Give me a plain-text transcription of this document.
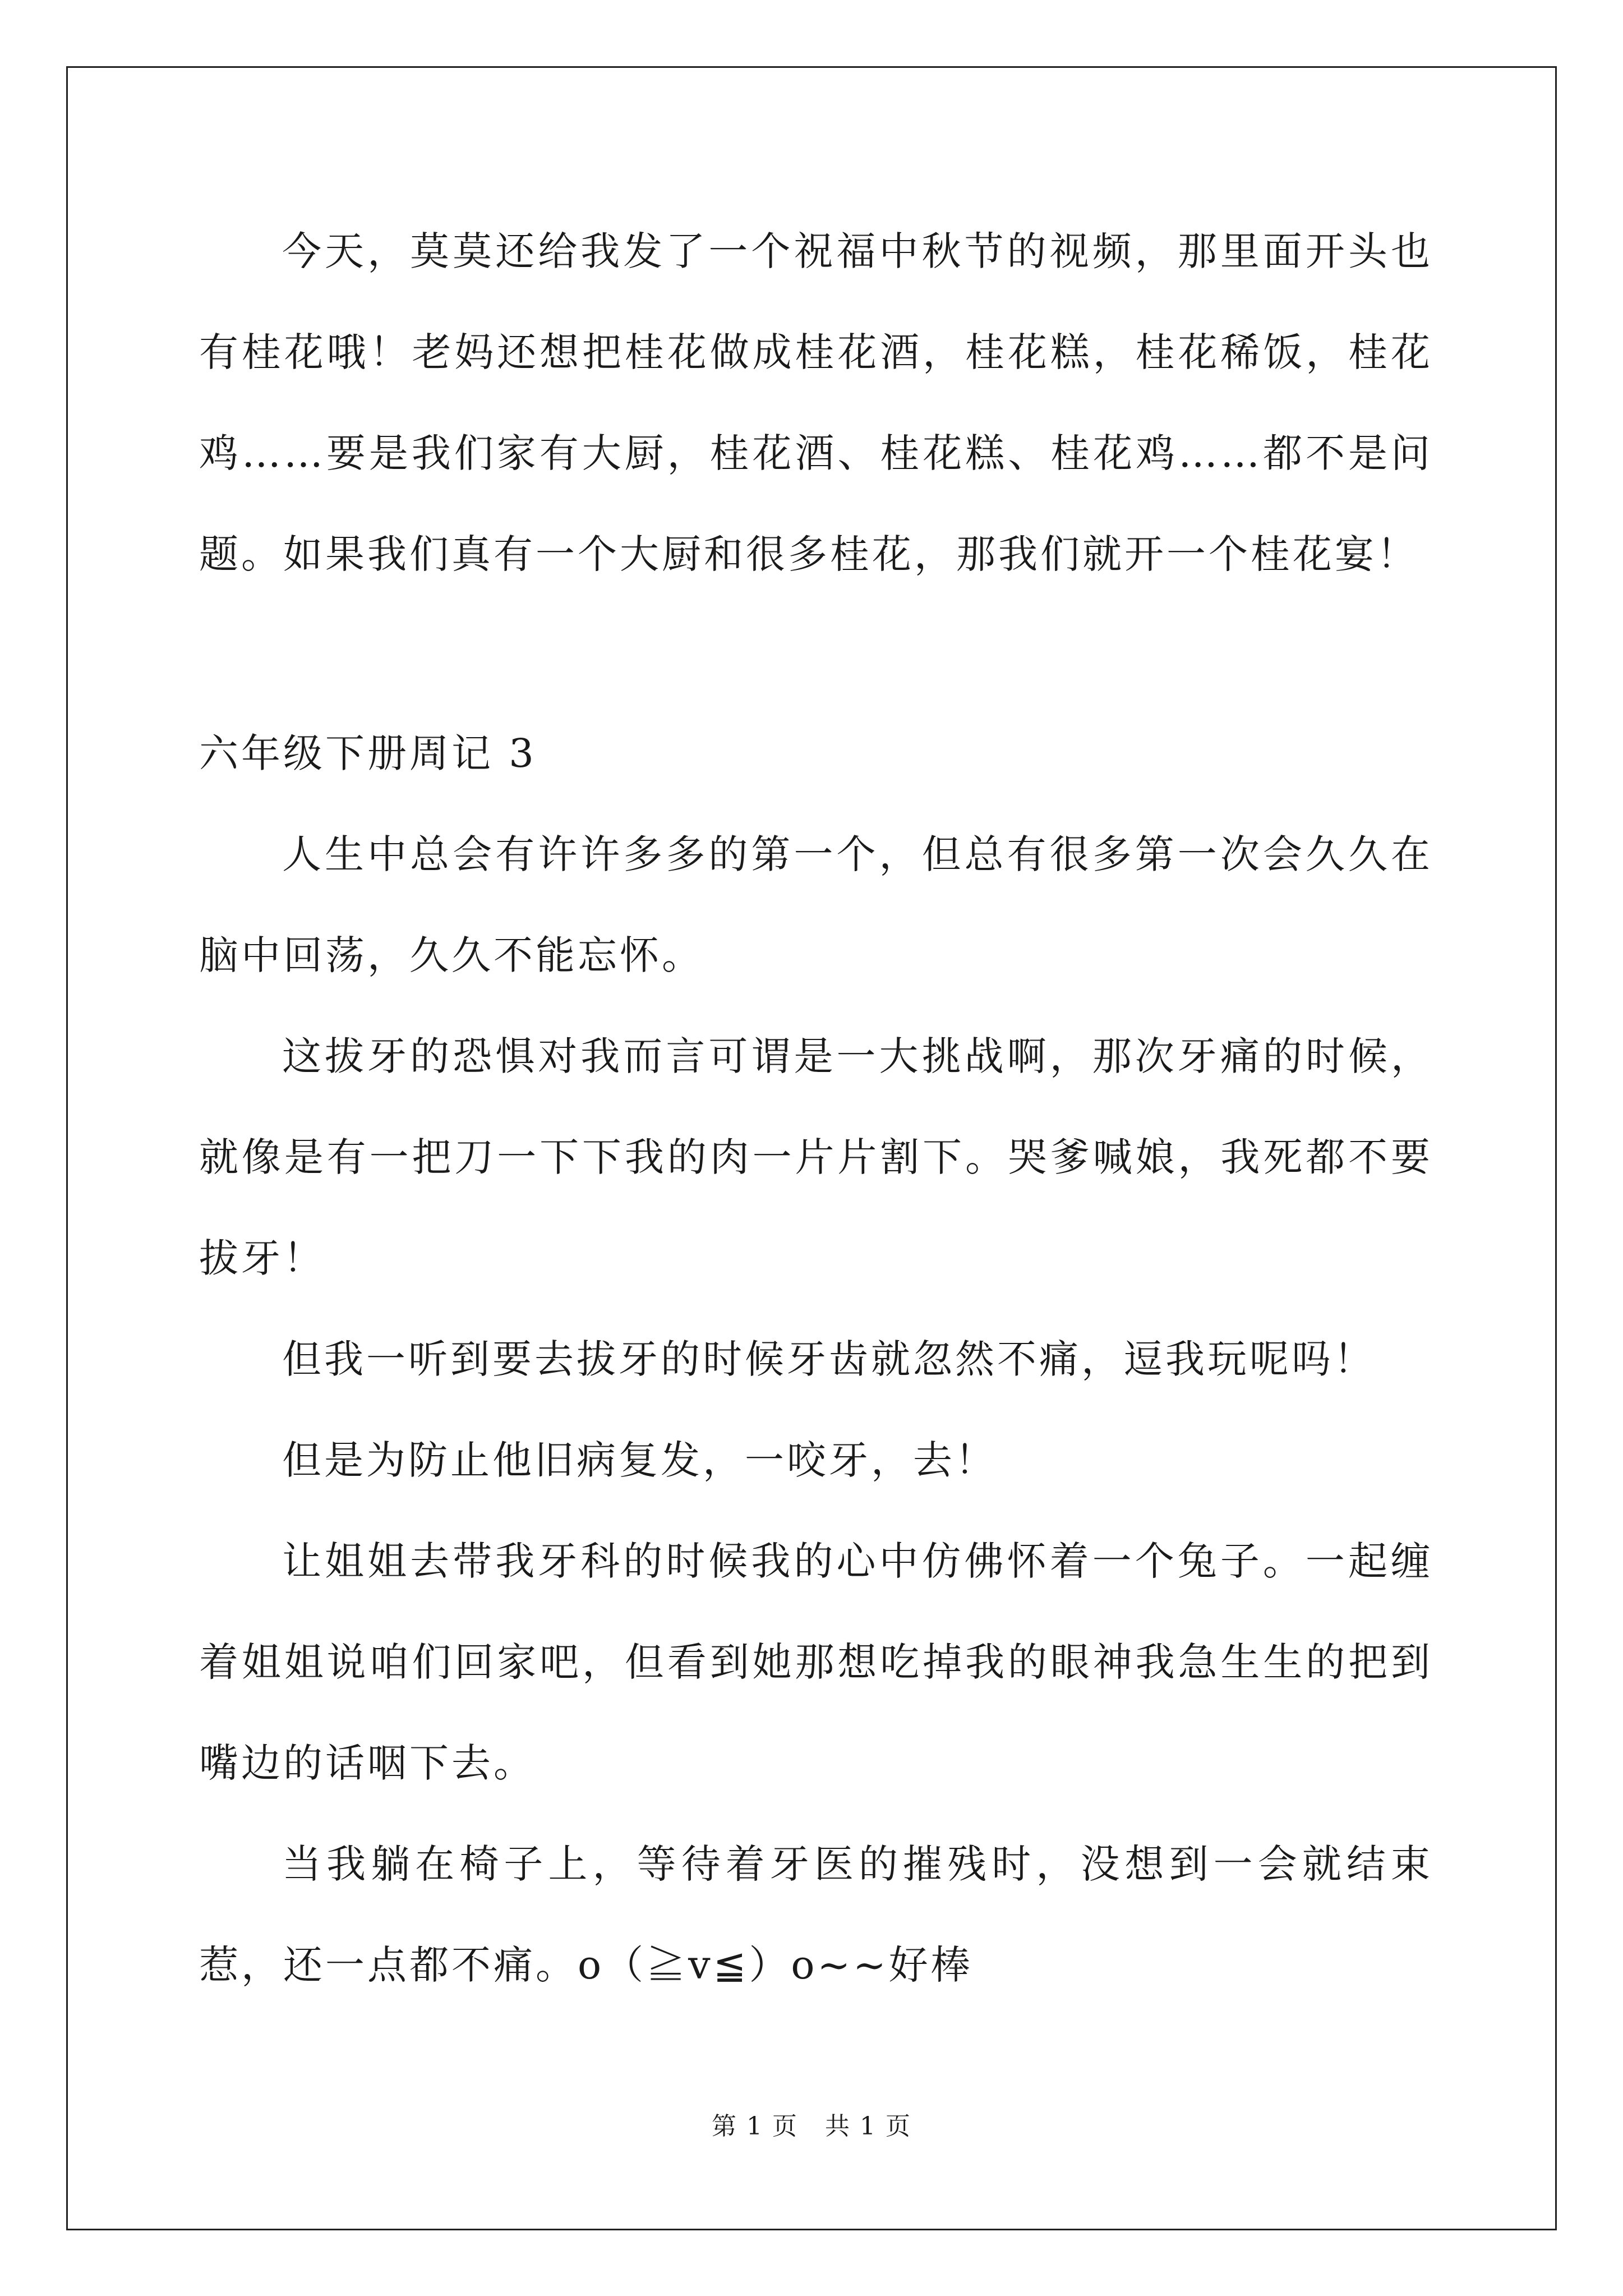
今天，莫莫还给我发了一个祝福中秋节的视频，那里面开头也有桂花哦！老妈还想把桂花做成桂花酒，桂花糕，桂花稀饭，桂花鸡……要是我们家有大厨，桂花酒、桂花糕、桂花鸡……都不是问题。如果我们真有一个大厨和很多桂花，那我们就开一个桂花宴！

六年级下册周记 3

人生中总会有许许多多的第一个，但总有很多第一次会久久在脑中回荡，久久不能忘怀。

这拔牙的恐惧对我而言可谓是一大挑战啊，那次牙痛的时候，就像是有一把刀一下下我的肉一片片割下。哭爹喊娘，我死都不要拔牙！

但我一听到要去拔牙的时候牙齿就忽然不痛，逗我玩呢吗！

但是为防止他旧病复发，一咬牙，去！

让姐姐去带我牙科的时候我的心中仿佛怀着一个兔子。一起缠着姐姐说咱们回家吧，但看到她那想吃掉我的眼神我急生生的把到嘴边的话咽下去。

当我躺在椅子上，等待着牙医的摧残时，没想到一会就结束惹，还一点都不痛。o（≧v≦）o~~好棒

第 1 页 共 1 页
